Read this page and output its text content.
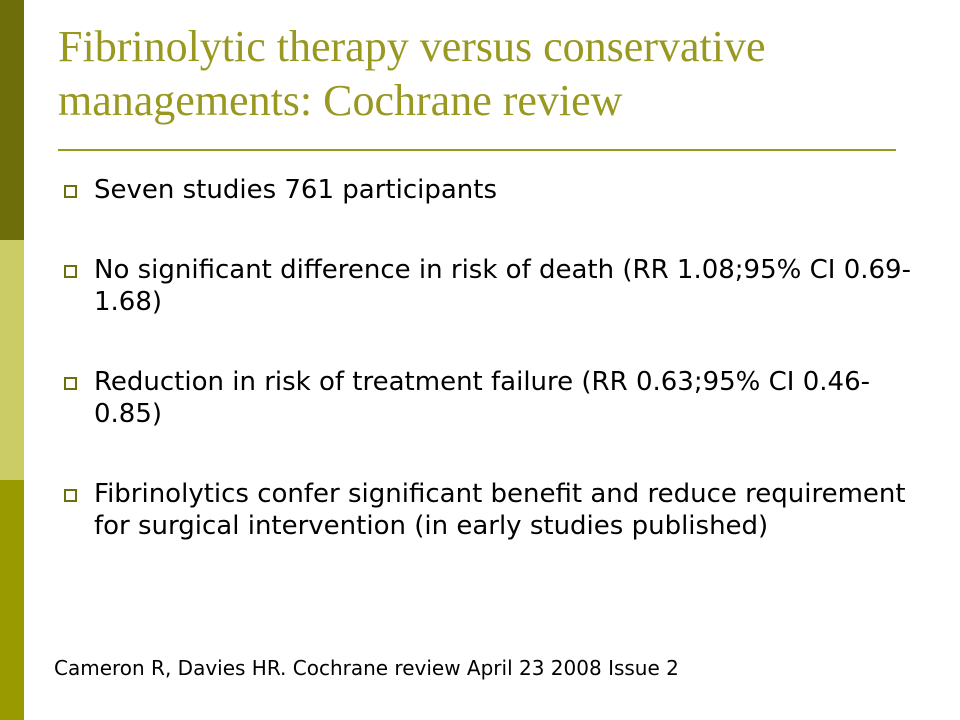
Fibrinolytic therapy versus conservative managements: Cochrane review
Seven studies 761 participants
No significant difference in risk of death (RR 1.08;95% CI 0.69-1.68)
Reduction in risk of treatment failure (RR 0.63;95% CI 0.46-0.85)
Fibrinolytics confer significant benefit and reduce requirement for surgical intervention (in early studies published)
Cameron R, Davies HR. Cochrane review April 23 2008 Issue 2
